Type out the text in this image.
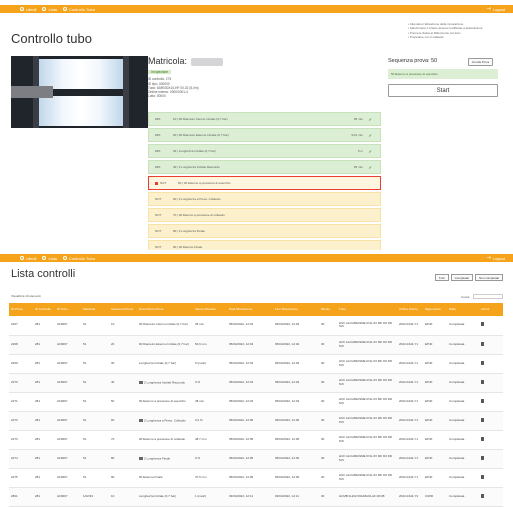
Utenti	Lista	Controllo Tubo	⇥ Logout
Controllo tubo
• Attendere l'attivazione della misurazione
• Selezionare il criterio ancora modificate a destinazione
• Premere Salva al Riferimento sul tubo
• Procedere con il collaudo
Matricola:
In ispezione
ID controllo: 275
ID tipo: 000000
Tubo: 8AR030X10-HF 00-02 (5,0m)
Ordine interno: 0000/0001-4
Lotto: 00000
MIS	10 | 00 Diametro Interno Iniziale (0,7 bar)	35 mm ✔
MIS	20 | 00 Diametro Esterno Iniziale (0,7 bar)	54,6 mm ✔
MIS	30 | Lunghezza Iniziale (0,7 bar)	5 m ✔
MIS	40 | 2 Lunghezza Iniziale Raccordo	25 mm ✔
NOT	50 | 00 Esterno a pressione di esercizio
NOT	60 | 2 Lunghezza a Press. Collaudo
NOT	70 | 00 Esterno a pressione di collaudo
NOT	80 | 2 Lunghezza Finale
NOT	90 | 00 Esterno Finale
Sequenza prova: 50	Annulla Prova
50 Esterno a pressione di esercizio
Start
Utenti	Lista	Controllo Tubo	⇥ Logout
Lista controlli	Tutti	Completati	Non completati
Visualizza 10 elementi	Cerca:
ID Prova	ID Controllo	ID Tubo	Matricola	Sequenza Prova	Descrizione Prova	Valore Misurato	Data Misurazione	Fine Misurazione	Minuto	Tubo	Ordine interno	Sigla utente	Stato	Azioni
2267	281	AF0067	51	10	00 Diametro Interno Iniziale (0,7 bar)	35 mm	05/04/2022, 12:04	05/04/2022, 12:04	30	HCF ALCHIMASME IK3L 0X MF D0 DD 5x5	2022-0444-Y1	EP4F	Completata	
2268	281	AF0067	51	20	00 Diametro Esterno Iniziale (0,7 bar)	54,6 mm	05/04/2022, 12:04	05/04/2022, 12:04	30	HCF ALCHIMASME IK3L 0X MF D0 DD 5x5	2022-0444-Y1	EP4F	Completata	
2269	281	AF0067	51	30	Lunghezza Iniziale (0,7 bar)	5 (metri)	05/04/2022, 12:04	05/04/2022, 12:04	30	HCF ALCHIMASME IK3L 0X MF D0 DD 5x5	2022-0444-Y1	EP4F	Completata	
2270	281	AF0067	51	40	2 Lunghezza Iniziale Raccordo	0 %	05/04/2022, 12:04	05/04/2022, 12:04	30	HCF ALCHIMASME IK3L 0X MF D0 DD 5x5	2022-0444-Y1	EP4F	Completata	
2271	281	AF0067	51	50	00 Esterno a pressione di esercizio	48 mm	05/04/2022, 12:04	05/04/2022, 12:04	30	HCF ALCHIMASME IK3L 0X MF D0 DD 5x5	2022-0444-Y1	EP4F	Completata	
2272	281	AF0067	51	60	2 Lunghezza a Press. Collaudo	0,2 %	05/04/2022, 12:05	05/04/2022, 12:05	30	HCF ALCHIMASME IK3L 0X MF D0 DD 5x5	2022-0444-Y1	EP4F	Completata	
2273	281	AF0067	51	70	00 Esterno a pressione di collaudo	48,7 mm	05/04/2022, 12:05	05/04/2022, 12:05	30	HCF ALCHIMASME IK3L 0X MF D0 DD 5x5	2022-0444-Y1	EP4F	Completata	
2274	281	AF0067	51	80	2 Lunghezza Finale	0 %	05/04/2022, 12:05	05/04/2022, 12:05	30	HCF ALCHIMASME IK3L 0X MF D0 DD 5x5	2022-0444-Y1	EP4F	Completata	
2275	281	AF0067	51	90	00 Esterno Finale	47,5 mm	05/04/2022, 12:05	05/04/2022, 12:05	30	HCF ALCHIMASME IK3L 0X MF D0 DD 5x5	2022-0444-Y1	EP4F	Completata	
2821	281	AF0007	1/22/33	10	Lunghezza Iniziale (0,7 bar)	1 (metri)	03/04/2022, 12:11	03/04/2022, 12:11	30	HCMB 2H/22 PAHMAOLAF 0K/08	2022-0444-Y3	CIWR	Completata	
